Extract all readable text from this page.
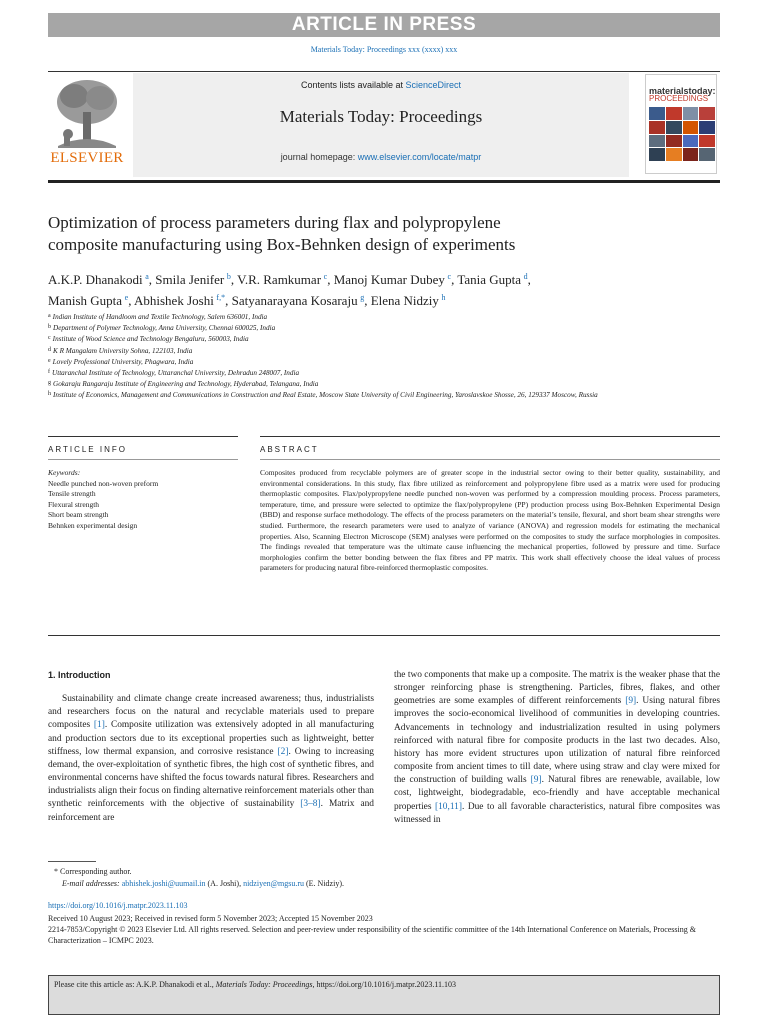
ARTICLE IN PRESS
Materials Today: Proceedings xxx (xxxx) xxx
ELSEVIER
Contents lists available at ScienceDirect
Materials Today: Proceedings
journal homepage: www.elsevier.com/locate/matpr
materialstoday:
PROCEEDINGS
Optimization of process parameters during flax and polypropylene
composite manufacturing using Box-Behnken design of experiments
A.K.P. Dhanakodi  $^a$, Smila Jenifer  $^b$, V.R. Ramkumar  $^c$, Manoj Kumar Dubey  $^c$, Tania Gupta  $^d$,
Manish Gupta  $^e$, Abhishek Joshi  $^{f,*}$, Satyanarayana Kosaraju  $^g$, Elena Nidziy  $^h$
$^a$ Indian Institute of Handloom and Textile Technology, Salem 636001, India
$^b$ Department of Polymer Technology, Anna University, Chennai 600025, India
$^c$ Institute of Wood Science and Technology Bengaluru, 560003, India
$^d$ K R Mangalam University Sohna, 122103, India
$^e$ Lovely Professional University, Phagwara, India
$^f$ Uttaranchal Institute of Technology, Uttaranchal University, Dehradun 248007, India
$^g$ Gokaraju Rangaraju Institute of Engineering and Technology, Hyderabad, Telangana, India
$^h$ Institute of Economics, Management and Communications in Construction and Real Estate, Moscow State University of Civil Engineering, Yaroslavskoe Shosse, 26, 129337 Moscow, Russia
ARTICLE INFO	ABSTRACT
Keywords:
Needle punched non-woven preform
Tensile strength
Flexural strength
Short beam strength
Behnken experimental design
Composites produced from recyclable polymers are of greater scope in the industrial sector owing to their better quality, sustainability, and environmental considerations. In this study, flax fibre utilized as reinforcement and polypropylene fibre used as a matrix were used for producing thermoplastic composites. Flax/polypropylene needle punched non-woven was performed by a compression moulding process. Process parameters, temperature, time, and pressure were selected to optimize the flax/polypropylene (PP) production process using Box-Behnken Experimental Design (BBD) and response surface methodology. The effects of the process parameters on the material’s tensile, flexural, and short beam shear strengths were studied. Furthermore, the research parameters were used to analyze of variance (ANOVA) and regression models for estimating the mechanical properties. Also, Scanning Electron Microscope (SEM) analyses were performed on the composites to study the surface morphologies in composites. The findings revealed that temperature was the ultimate cause influencing the mechanical properties, followed by pressure and time. Surface morphologies confirm the better bonding between the flax fibres and PP matrix. This work shall effectively choose the ideal values of process parameters for producing natural fibre-reinforced thermoplastic composites.
1. Introduction

Sustainability and climate change create increased awareness; thus, industrialists and researchers focus on the natural and recyclable materials used to prepare composites [1]. Composite utilization was extensively adopted in all manufacturing and production sectors due to its exceptional properties such as lightweight, better stiffness, low thermal expansion, and corrosive resistance [2]. Owing to increasing demand, the over-exploitation of synthetic fibres, the high cost of synthetic fibres, and environmental concerns have shifted the focus towards natural fibres. Researchers and industrialists align their focus on finding alternative reinforcement materials other than synthetic reinforcements with the objective of sustainability [3–8]. Matrix and reinforcement are

the two components that make up a composite. The matrix is the weaker phase that the stronger reinforcing phase is strengthening. Particles, fibres, flakes, and other geometries are some examples of different reinforcements [9]. Using natural fibres improves the socio-economical livelihood of communities in developing countries. Advancements in technology and industrialization resulted in using polymers reinforced with natural fibre for composite products in the last two decades. Also, history has more evident structures upon utilization of natural fibre reinforced composite from ancient times to till date, where using straw and clay were mixed for the construction of building walls [9]. Natural fibres are renewable, available, low cost, lightweight, biodegradable, eco-friendly and have acceptable mechanical properties [10,11]. Due to all favorable characteristics, natural fibre composites was witnessed in

* Corresponding author.
E-mail addresses: abhishek.joshi@uumail.in (A. Joshi), nidziyen@mgsu.ru (E. Nidziy).
https://doi.org/10.1016/j.matpr.2023.11.103
Received 10 August 2023; Received in revised form 5 November 2023; Accepted 15 November 2023
2214-7853/Copyright © 2023 Elsevier Ltd. All rights reserved. Selection and peer-review under responsibility of the scientific committee of the 14th International Conference on Materials, Processing & Characterization – ICMPC 2023.
Please cite this article as: A.K.P. Dhanakodi et al., Materials Today: Proceedings, https://doi.org/10.1016/j.matpr.2023.11.103
